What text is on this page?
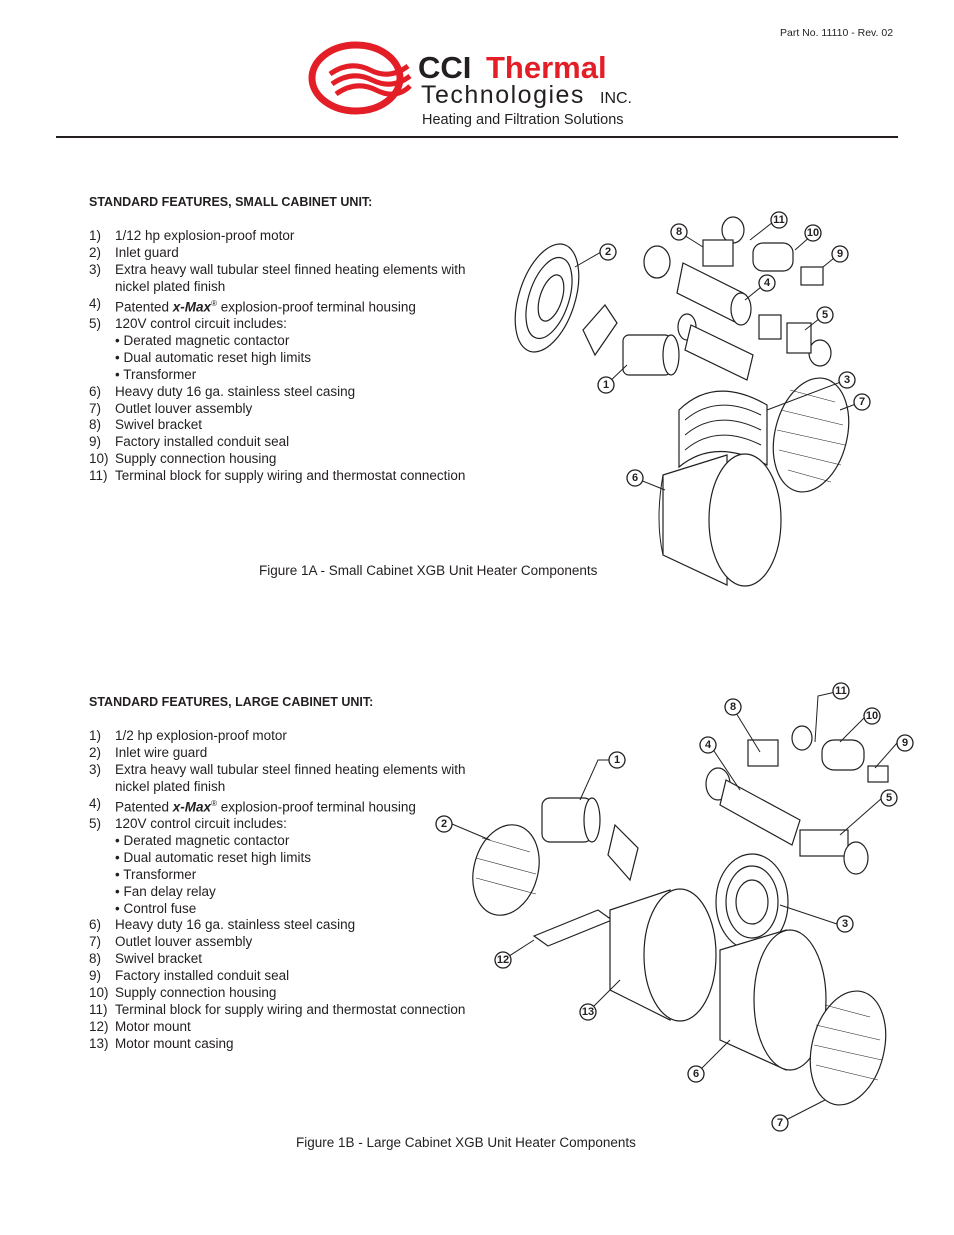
Part No. 11110 - Rev. 02
CCI Thermal
Technologies INC.
Heating and Filtration Solutions
STANDARD FEATURES, SMALL CABINET UNIT:
1) 1/12 hp explosion-proof motor
2) Inlet guard
3) Extra heavy wall tubular steel finned heating elements with
nickel plated finish
4) Patented x-Max® explosion-proof terminal housing
5) 120V control circuit includes:
• Derated magnetic contactor
• Dual automatic reset high limits
• Transformer
6) Heavy duty 16 ga. stainless steel casing
7) Outlet louver assembly
8) Swivel bracket
9) Factory installed conduit seal
10) Supply connection housing
11) Terminal block for supply wiring and thermostat connection
8
11
10
2	9
4
5
1	3
7
6
Figure 1A - Small Cabinet XGB Unit Heater Components
STANDARD FEATURES, LARGE CABINET UNIT:
1) 1/2 hp explosion-proof motor
2) Inlet wire guard
3) Extra heavy wall tubular steel finned heating elements with
nickel plated finish
4) Patented x-Max® explosion-proof terminal housing
5) 120V control circuit includes:
• Derated magnetic contactor
• Dual automatic reset high limits
• Transformer
• Fan delay relay
• Control fuse
6) Heavy duty 16 ga. stainless steel casing
7) Outlet louver assembly
8) Swivel bracket
9) Factory installed conduit seal
10) Supply connection housing
11) Terminal block for supply wiring and thermostat connection
12) Motor mount
13) Motor mount casing
11
8
10
4	9
1
5
2
3
12
13
6
7
Figure 1B - Large Cabinet XGB Unit Heater Components
